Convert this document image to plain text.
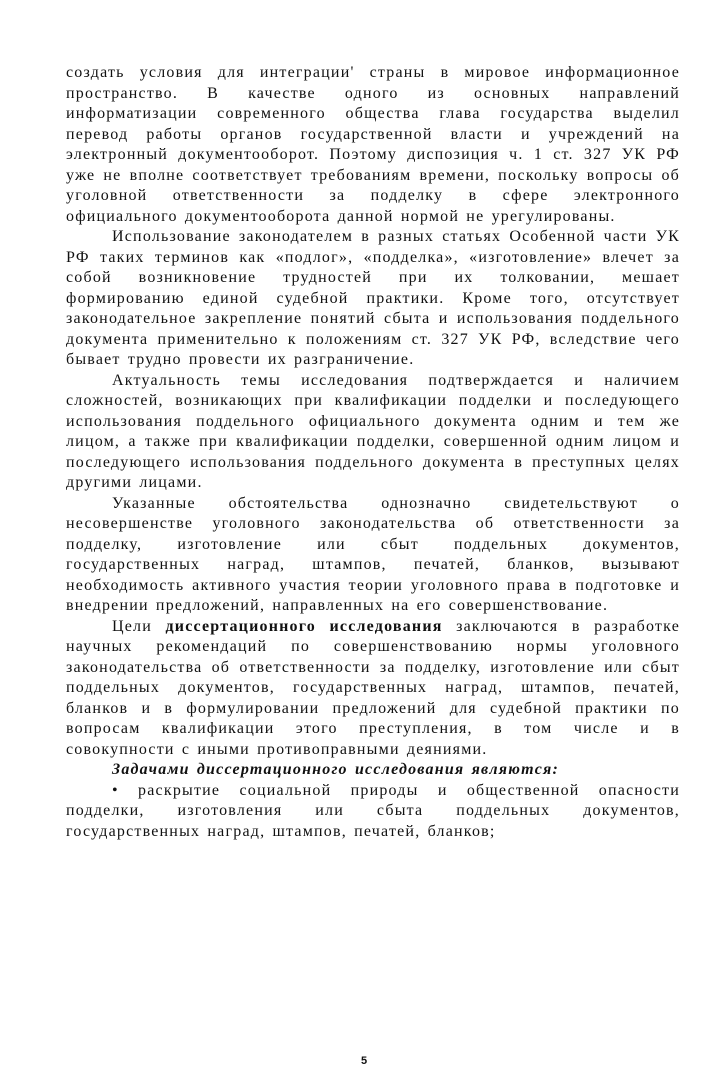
создать условия для интеграции' страны в мировое информационное пространство. В качестве одного из основных направлений информатизации современного общества глава государства выделил перевод работы органов государственной власти и учреждений на электронный документооборот. Поэтому диспозиция ч. 1 ст. 327 УК РФ уже не вполне соответствует требованиям времени, поскольку вопросы об уголовной ответственности за подделку в сфере электронного официального документооборота данной нормой не урегулированы.

Использование законодателем в разных статьях Особенной части УК РФ таких терминов как «подлог», «подделка», «изготовление» влечет за собой возникновение трудностей при их толковании, мешает формированию единой судебной практики. Кроме того, отсутствует законодательное закрепление понятий сбыта и использования поддельного документа применительно к положениям ст. 327 УК РФ, вследствие чего бывает трудно провести их разграничение.

Актуальность темы исследования подтверждается и наличием сложностей, возникающих при квалификации подделки и последующего использования поддельного официального документа одним и тем же лицом, а также при квалификации подделки, совершенной одним лицом и последующего использования поддельного документа в преступных целях другими лицами.

Указанные обстоятельства однозначно свидетельствуют о несовершенстве уголовного законодательства об ответственности за подделку, изготовление или сбыт поддельных документов, государственных наград, штампов, печатей, бланков, вызывают необходимость активного участия теории уголовного права в подготовке и внедрении предложений, направленных на его совершенствование.

Цели диссертационного исследования заключаются в разработке научных рекомендаций по совершенствованию нормы уголовного законодательства об ответственности за подделку, изготовление или сбыт поддельных документов, государственных наград, штампов, печатей, бланков и в формулировании предложений для судебной практики по вопросам квалификации этого преступления, в том числе и в совокупности с иными противоправными деяниями.

Задачами диссертационного исследования являются:

• раскрытие социальной природы и общественной опасности подделки, изготовления или сбыта поддельных документов, государственных наград, штампов, печатей, бланков;

5
